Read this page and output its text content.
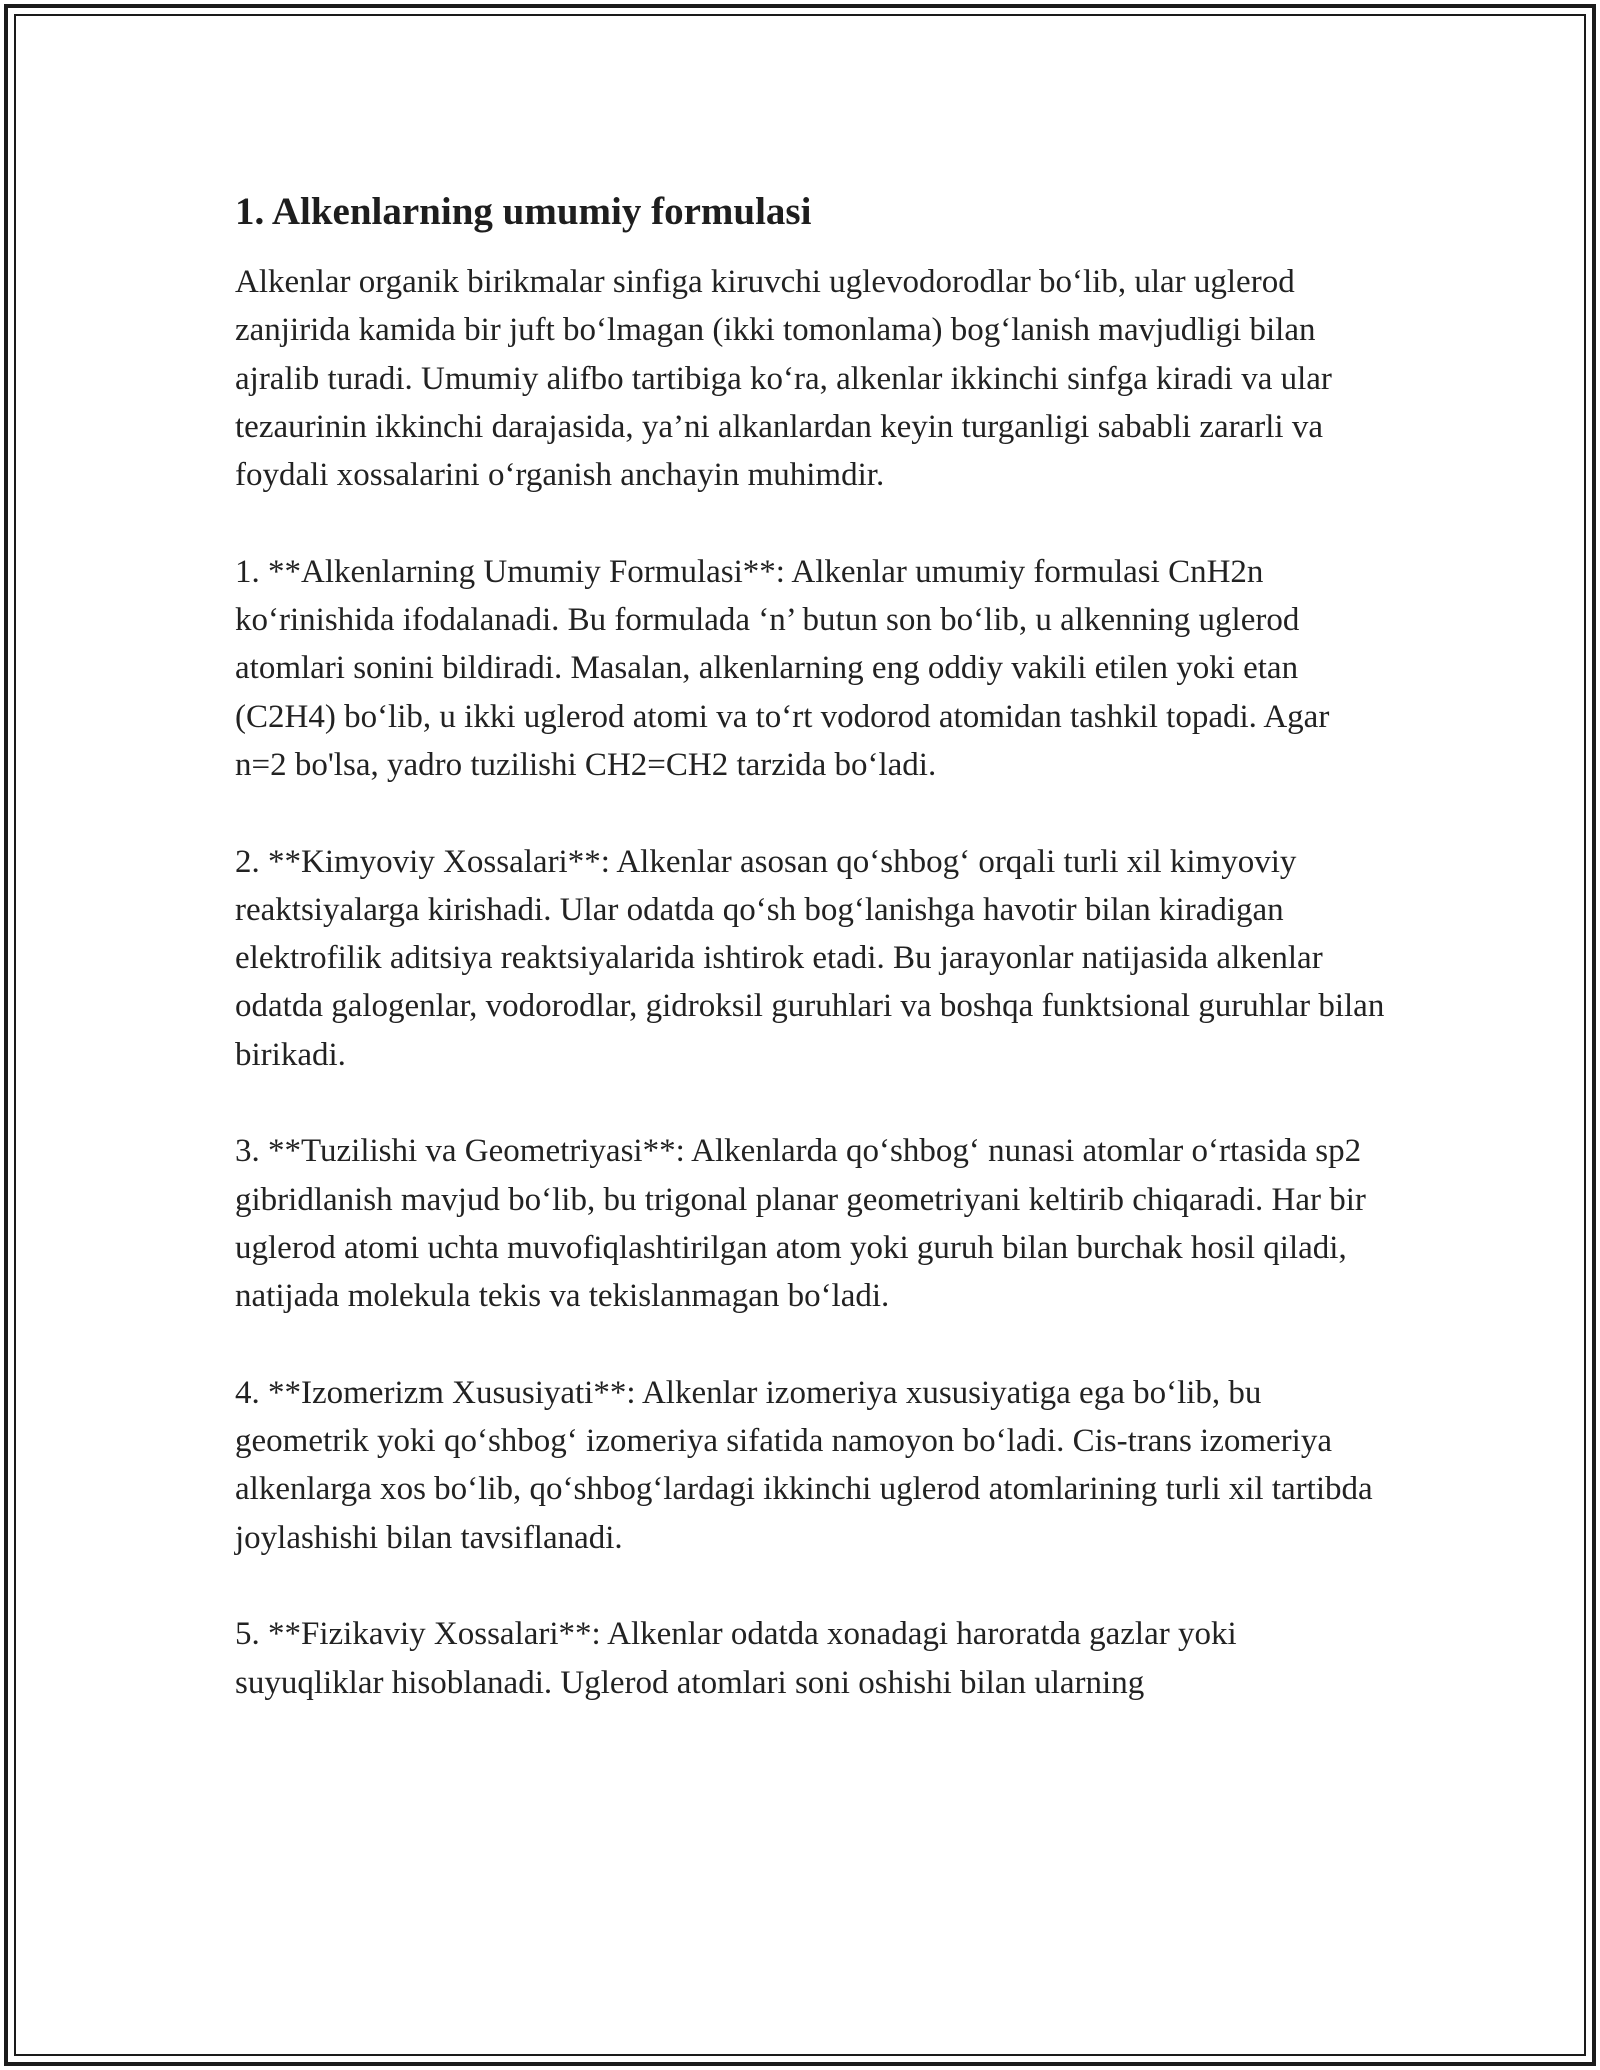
1. Alkenlarning umumiy formulasi

Alkenlar organik birikmalar sinfiga kiruvchi uglevodorodlar bo‘lib, ular uglerod zanjirida kamida bir juft bo‘lmagan (ikki tomonlama) bog‘lanish mavjudligi bilan ajralib turadi. Umumiy alifbo tartibiga ko‘ra, alkenlar ikkinchi sinfga kiradi va ular tezaurinin ikkinchi darajasida, ya’ni alkanlardan keyin turganligi sababli zararli va foydali xossalarini o‘rganish anchayin muhimdir.

1. **Alkenlarning Umumiy Formulasi**: Alkenlar umumiy formulasi CnH2n ko‘rinishida ifodalanadi. Bu formulada ‘n’ butun son bo‘lib, u alkenning uglerod atomlari sonini bildiradi. Masalan, alkenlarning eng oddiy vakili etilen yoki etan (C2H4) bo‘lib, u ikki uglerod atomi va to‘rt vodorod atomidan tashkil topadi. Agar n=2 bo'lsa, yadro tuzilishi CH2=CH2 tarzida bo‘ladi.

2. **Kimyoviy Xossalari**: Alkenlar asosan qo‘shbog‘ orqali turli xil kimyoviy reaktsiyalarga kirishadi. Ular odatda qo‘sh bog‘lanishga havotir bilan kiradigan elektrofilik aditsiya reaktsiyalarida ishtirok etadi. Bu jarayonlar natijasida alkenlar odatda galogenlar, vodorodlar, gidroksil guruhlari va boshqa funktsional guruhlar bilan birikadi.

3. **Tuzilishi va Geometriyasi**: Alkenlarda qo‘shbog‘ nunasi atomlar o‘rtasida sp2 gibridlanish mavjud bo‘lib, bu trigonal planar geometriyani keltirib chiqaradi. Har bir uglerod atomi uchta muvofiqlashtirilgan atom yoki guruh bilan burchak hosil qiladi, natijada molekula tekis va tekislanmagan bo‘ladi.

4. **Izomerizm Xususiyati**: Alkenlar izomeriya xususiyatiga ega bo‘lib, bu geometrik yoki qo‘shbog‘ izomeriya sifatida namoyon bo‘ladi. Cis-trans izomeriya alkenlarga xos bo‘lib, qo‘shbog‘lardagi ikkinchi uglerod atomlarining turli xil tartibda joylashishi bilan tavsiflanadi.

5. **Fizikaviy Xossalari**: Alkenlar odatda xonadagi haroratda gazlar yoki suyuqliklar hisoblanadi. Uglerod atomlari soni oshishi bilan ularning
